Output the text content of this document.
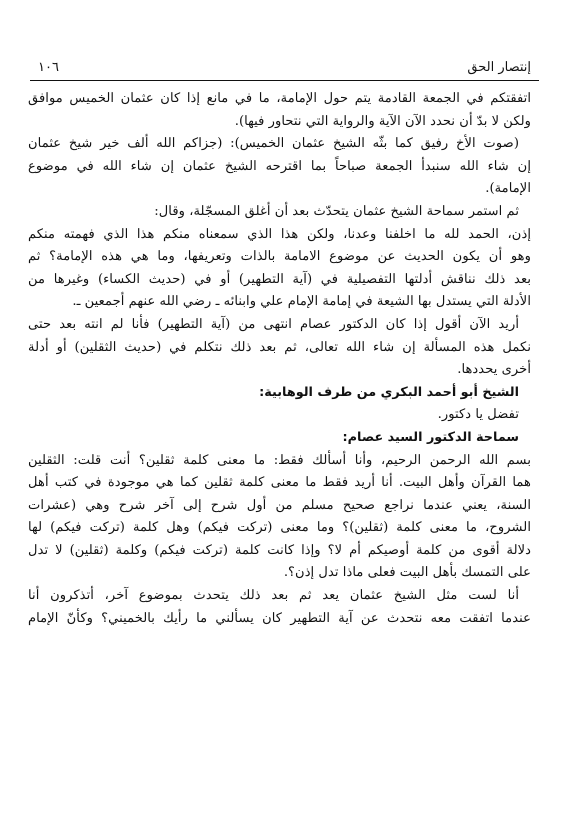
إنتصار الحق
١٠٦
اتفقتكم في الجمعة القادمة يتم حول الإمامة، ما في مانع إذا كان عثمان الخميس موافق
ولكن لا بدّ أن نحدد الآن الآية والرواية التي نتحاور فيها).
(صوت الأخ رفيق كما بثّه الشيخ عثمان الخميس): (جزاكم الله ألف خير شيخ عثمان
إن شاء الله سنبدأ الجمعة صباحاً بما اقترحه الشيخ عثمان إن شاء الله في موضوع
الإمامة).
ثم استمر سماحة الشيخ عثمان يتحدّث بعد أن أغلق المسجّلة، وقال:
إذن، الحمد لله ما اخلفنا وعدنا، ولكن هذا الذي سمعناه منكم هذا الذي فهمته منكم
وهو أن يكون الحديث عن موضوع الامامة بالذات وتعريفها، وما هي هذه الإمامة؟ ثم
بعد ذلك نناقش أدلتها التفصيلية في (آية التطهير) أو في (حديث الكساء) وغيرها من
الأدلة التي يستدل بها الشيعة في إمامة الإمام علي وابنائه ـ رضي الله عنهم أجمعين ـ.
أريد الآن أقول إذا كان الدكتور عصام انتهى من (آية التطهير) فأنا لم انته بعد حتى
نكمل هذه المسألة إن شاء الله تعالى، ثم بعد ذلك نتكلم في (حديث الثقلين) أو أدلة
أخرى يحددها.
الشيخ أبو أحمد البكري من طرف الوهابية:
تفضل يا دكتور.
سماحة الدكتور السيد عصام:
بسم الله الرحمن الرحيم، وأنا أسألك فقط: ما معنى كلمة ثقلين؟ أنت قلت: الثقلين
هما القرآن وأهل البيت. أنا أريد فقط ما معنى كلمة ثقلين كما هي موجودة في كتب أهل
السنة، يعني عندما نراجع صحيح مسلم من أول شرح إلى آخر شرح وهي (عشرات
الشروح، ما معنى كلمة (ثقلين)؟ وما معنى (تركت فيكم) وهل كلمة (تركت فيكم) لها
دلالة أقوى من كلمة أوصيكم أم لا؟ وإذا كانت كلمة (تركت فيكم) وكلمة (ثقلين) لا تدل
على التمسك بأهل البيت فعلى ماذا تدل إذن؟.
أنا لست مثل الشيخ عثمان يعد ثم بعد ذلك يتحدث بموضوع آخر، أتذكرون أنا
عندما اتفقت معه نتحدث عن آية التطهير كان يسألني ما رأيك بالخميني؟ وكأنّ الإمام
